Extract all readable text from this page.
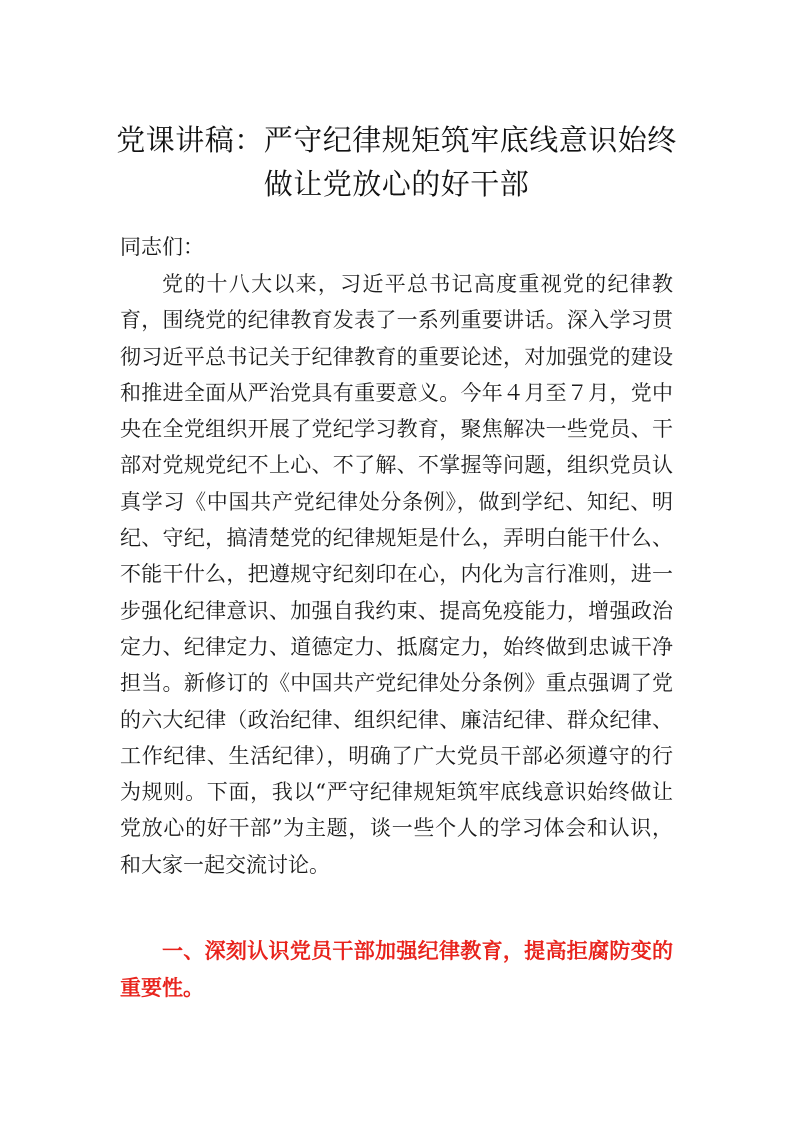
党课讲稿：严守纪律规矩筑牢底线意识始终做让党放心的好干部
同志们：

党的十八大以来，习近平总书记高度重视党的纪律教育，围绕党的纪律教育发表了一系列重要讲话。深入学习贯彻习近平总书记关于纪律教育的重要论述，对加强党的建设和推进全面从严治党具有重要意义。今年４月至７月，党中央在全党组织开展了党纪学习教育，聚焦解决一些党员、干部对党规党纪不上心、不了解、不掌握等问题，组织党员认真学习《中国共产党纪律处分条例》，做到学纪、知纪、明纪、守纪，搞清楚党的纪律规矩是什么，弄明白能干什么、不能干什么，把遵规守纪刻印在心，内化为言行准则，进一步强化纪律意识、加强自我约束、提高免疫能力，增强政治定力、纪律定力、道德定力、抵腐定力，始终做到忠诚干净担当。新修订的《中国共产党纪律处分条例》重点强调了党的六大纪律（政治纪律、组织纪律、廉洁纪律、群众纪律、工作纪律、生活纪律），明确了广大党员干部必须遵守的行为规则。下面，我以“严守纪律规矩筑牢底线意识始终做让党放心的好干部”为主题，谈一些个人的学习体会和认识，和大家一起交流讨论。

一、深刻认识党员干部加强纪律教育，提高拒腐防变的重要性。
